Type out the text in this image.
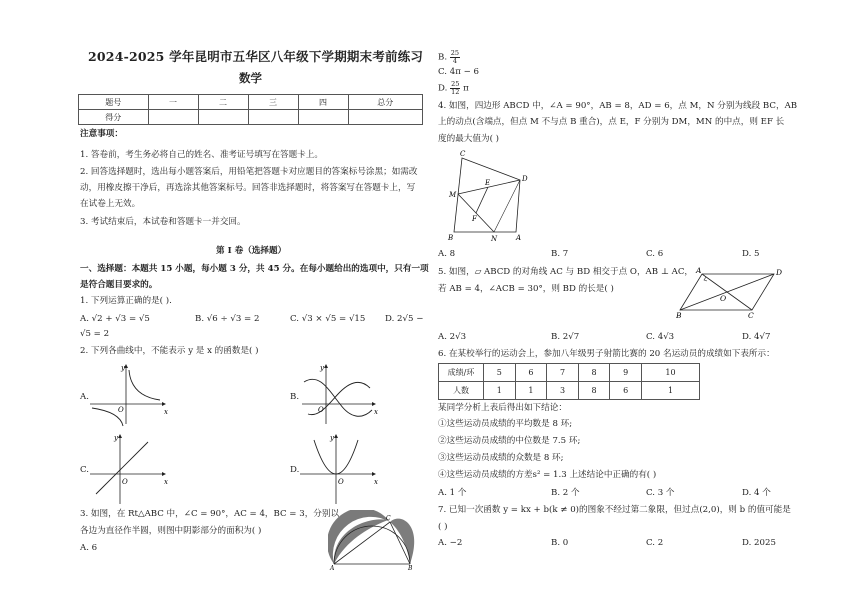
2024-2025 学年昆明市五华区八年级下学期期末考前练习
数学
题号	一	二	三	四	总分
得分					
注意事项：
1. 答卷前，考生务必将自己的姓名、准考证号填写在答题卡上。
2. 回答选择题时，选出每小题答案后，用铅笔把答题卡对应题目的答案标号涂黑；如需改
动，用橡皮擦干净后，再选涂其他答案标号。回答非选择题时，将答案写在答题卡上，写
在试卷上无效。
3. 考试结束后，本试卷和答题卡一并交回。
第 I 卷（选择题）
一、选择题：本题共 15 小题，每小题 3 分，共 45 分。在每小题给出的选项中，只有一项
是符合题目要求的。
1. 下列运算正确的是( ).
A. √2 + √3 = √5	B. √6 ÷ √3 = 2	C. √3 × √5 = √15 D. 2√5 −
√5 = 2
2. 下列各曲线中，不能表示 y 是 x 的函数是( )
A.	B.
C.	D.
y
x
O
y
x
O
y
x
O
y
x
O
3. 如图，在 Rt△ABC 中，∠C = 90°，AC = 4，BC = 3，分别以
各边为直径作半圆，则图中阴影部分的面积为( )
A. 6
A	B
C
B. $\frac{25}{4}$
C. 4π − 6
D. $\frac{25}{12}$ π
4. 如图，四边形 ABCD 中，∠A = 90°，AB = 8，AD = 6，点 M，N 分别为线段 BC，AB
上的动点(含端点，但点 M 不与点 B 重合)，点 E，F 分别为 DM，MN 的中点，则 EF 长
度的最大值为( )
C
D
E
M
F
B	N	A
A. 8	B. 7	C. 6	D. 5
5. 如图，▱ ABCD 的对角线 AC 与 BD 相交于点 O，AB ⊥ AC，
若 AB = 4，∠ACB = 30°，则 BD 的长是( )
A	D
O
B	C
A. 2√3	B. 2√7	C. 4√3	D. 4√7
6. 在某校举行的运动会上，参加八年级男子射箭比赛的 20 名运动员的成绩如下表所示：
成绩/环	5	6	7	8	9	10
人数	1	1	3	8	6	1
某同学分析上表后得出如下结论：
①这些运动员成绩的平均数是 8 环;
②这些运动员成绩的中位数是 7.5 环;
③这些运动员成绩的众数是 8 环;
④这些运动员成绩的方差s² = 1.3 上述结论中正确的有( )
A. 1 个	B. 2 个	C. 3 个	D. 4 个
7. 已知一次函数 y = kx + b(k ≠ 0)的图象不经过第二象限，但过点(2,0)，则 b 的值可能是
( )
A. −2	B. 0	C. 2	D. 2025
